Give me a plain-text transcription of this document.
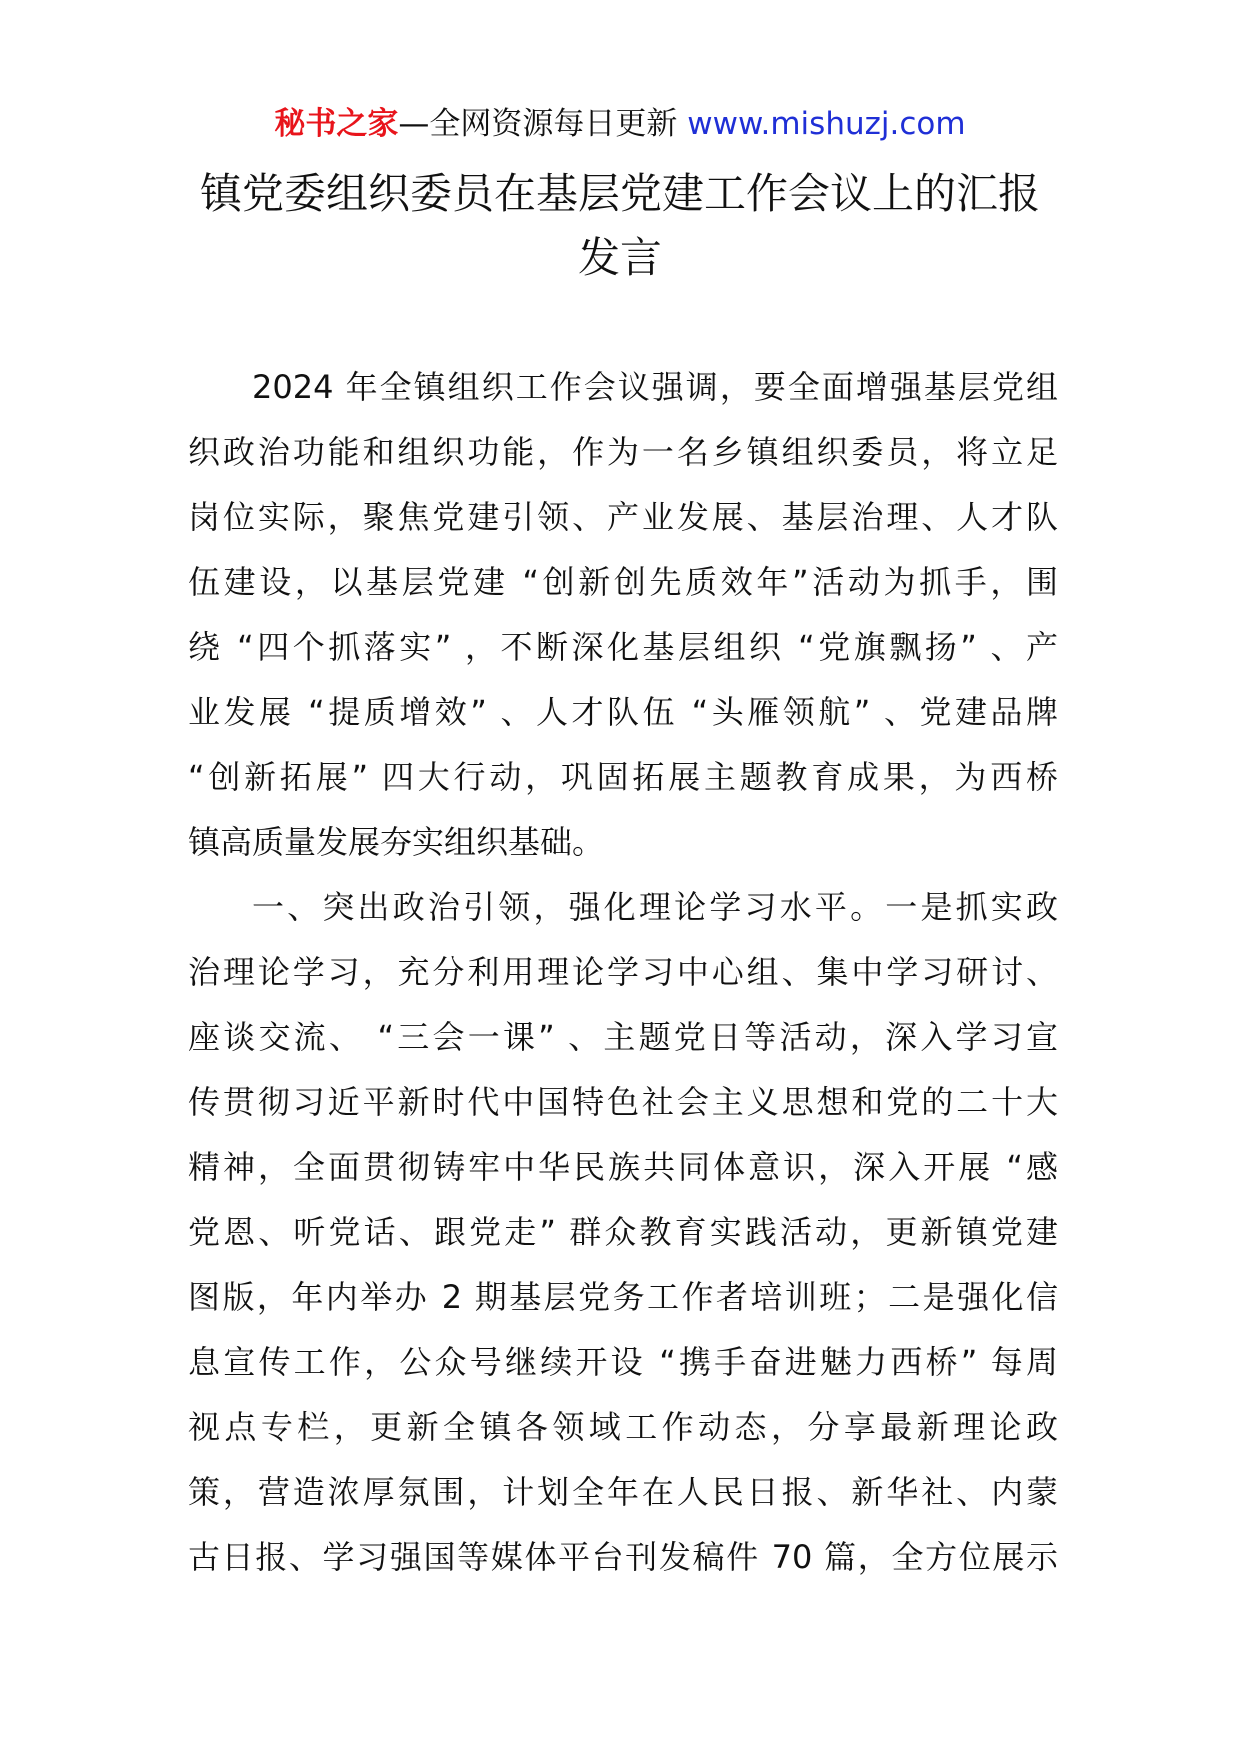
秘书之家—全网资源每日更新 www.mishuzj.com
镇党委组织委员在基层党建工作会议上的汇报
发言
2024 年全镇组织工作会议强调，要全面增强基层党组
织政治功能和组织功能，作为一名乡镇组织委员，将立足
岗位实际，聚焦党建引领、产业发展、基层治理、人才队
伍建设，以基层党建 “创新创先质效年”活动为抓手，围
绕 “四个抓落实” ，不断深化基层组织 “党旗飘扬” 、产
业发展 “提质增效” 、人才队伍 “头雁领航” 、党建品牌
“创新拓展” 四大行动，巩固拓展主题教育成果，为西桥
镇高质量发展夯实组织基础。
一、突出政治引领，强化理论学习水平。一是抓实政
治理论学习，充分利用理论学习中心组、集中学习研讨、
座谈交流、 “三会一课” 、主题党日等活动，深入学习宣
传贯彻习近平新时代中国特色社会主义思想和党的二十大
精神，全面贯彻铸牢中华民族共同体意识，深入开展 “感
党恩、听党话、跟党走” 群众教育实践活动，更新镇党建
图版，年内举办 2 期基层党务工作者培训班；二是强化信
息宣传工作，公众号继续开设 “携手奋进魅力西桥” 每周
视点专栏，更新全镇各领域工作动态，分享最新理论政
策，营造浓厚氛围，计划全年在人民日报、新华社、内蒙
古日报、学习强国等媒体平台刊发稿件 70 篇，全方位展示
